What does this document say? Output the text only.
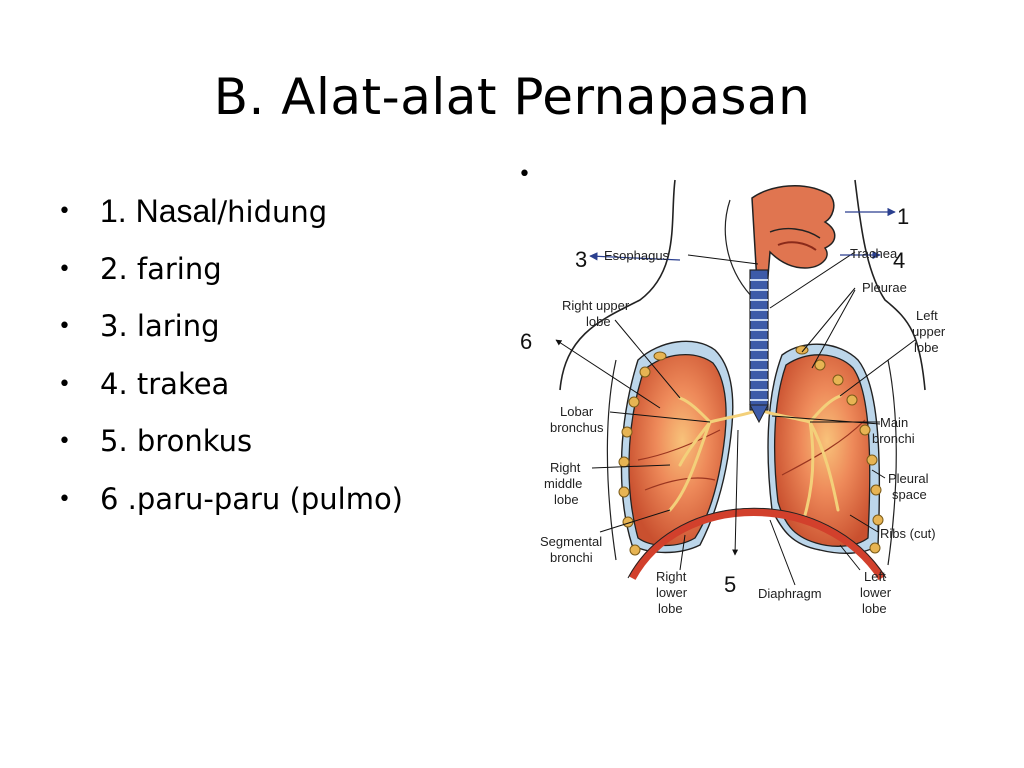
B. Alat-alat Pernapasan
• 1. Nasal/hidung
• 2. faring
• 3. laring
• 4. trakea
• 5. bronkus
• 6 .paru-paru (pulmo)
•
1
3	4
6
5
Esophagus	Trachea
Pleurae
Right upper
lobe	Left
upper
lobe
Lobar
bronchus	Main
bronchi
Right
middle
lobe
Pleural
space
Ribs (cut)
Segmental
bronchi
Right
lower
lobe
Diaphragm
Left
lower
lobe
